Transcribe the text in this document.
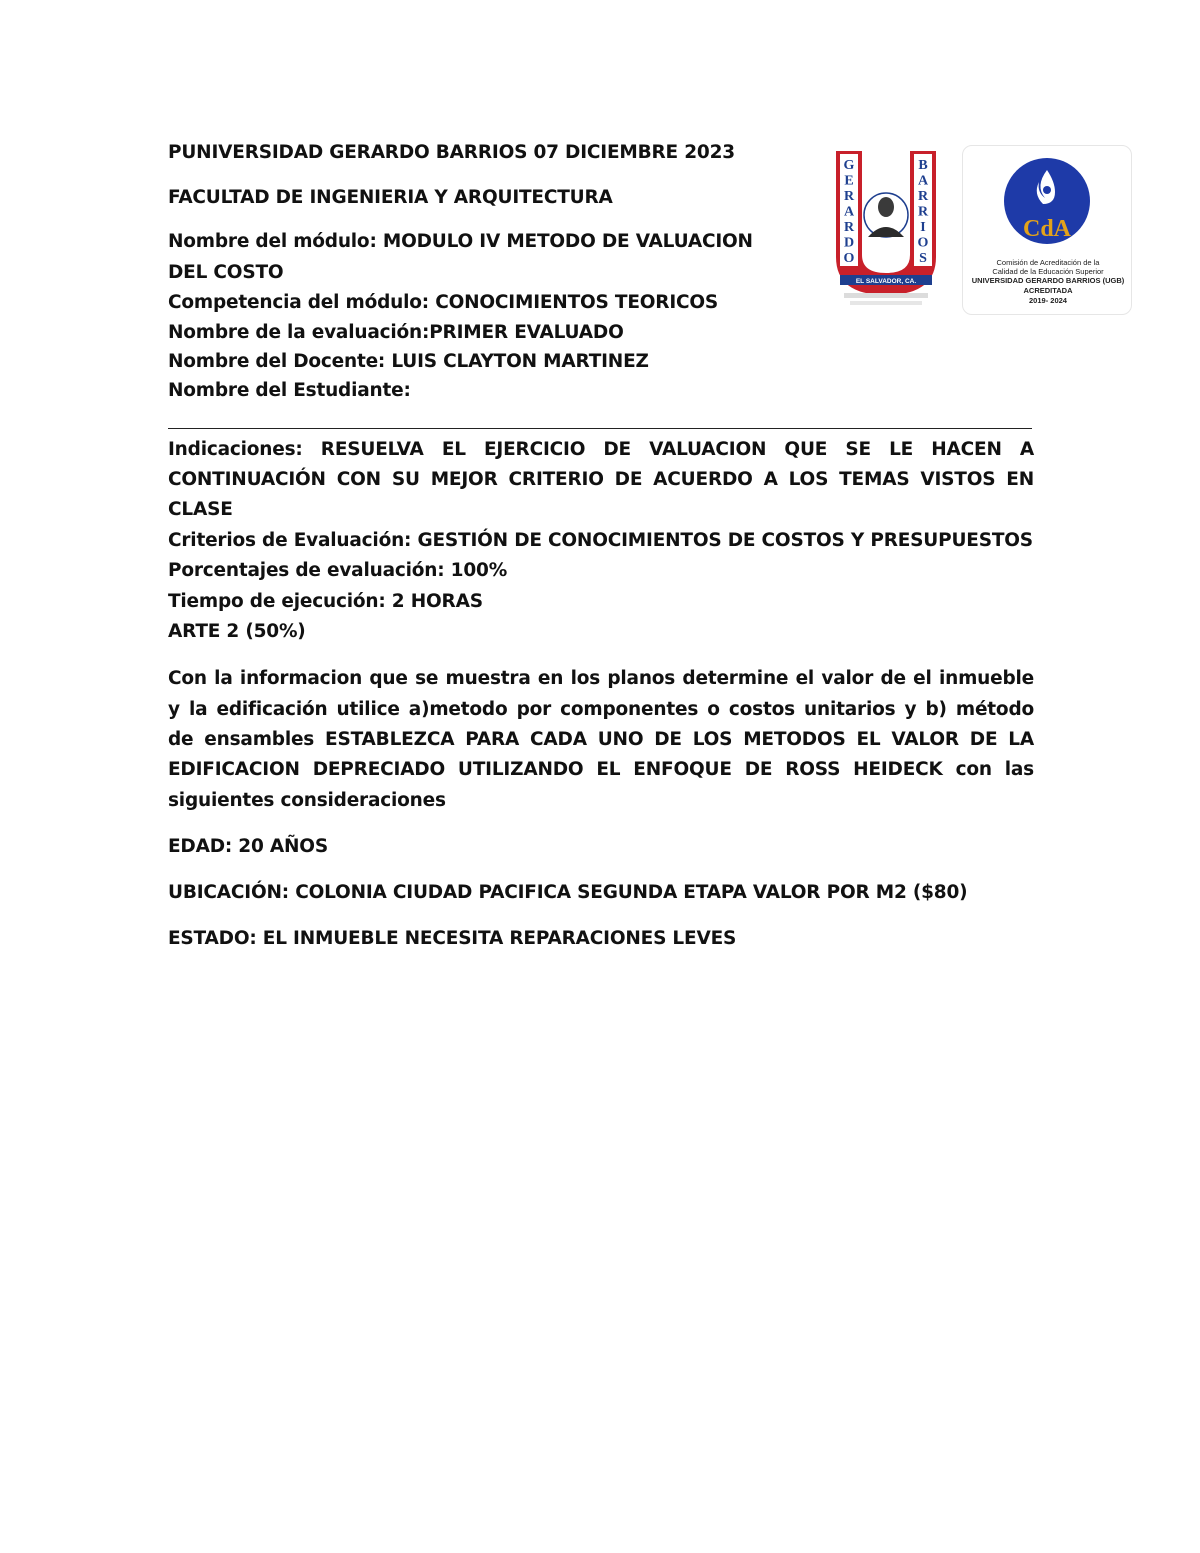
PUNIVERSIDAD GERARDO BARRIOS 07 DICIEMBRE 2023
FACULTAD DE INGENIERIA Y ARQUITECTURA
Nombre del módulo: MODULO IV METODO DE VALUACION
DEL COSTO
Competencia del módulo: CONOCIMIENTOS TEORICOS
Nombre de la evaluación:PRIMER EVALUADO
Nombre del Docente: LUIS CLAYTON MARTINEZ
Nombre del Estudiante:
Indicaciones: RESUELVA EL EJERCICIO DE VALUACION QUE SE LE HACEN A
CONTINUACIÓN CON SU MEJOR CRITERIO DE ACUERDO A LOS TEMAS VISTOS EN
CLASE
Criterios de Evaluación: GESTIÓN DE CONOCIMIENTOS DE COSTOS Y PRESUPUESTOS
Porcentajes de evaluación: 100%
Tiempo de ejecución: 2 HORAS
ARTE 2 (50%)
Con la informacion que se muestra en los planos determine el valor de el inmueble
y la edificación utilice a)metodo por componentes o costos unitarios y b) método
de ensambles ESTABLEZCA PARA CADA UNO DE LOS METODOS EL VALOR DE LA
EDIFICACION DEPRECIADO UTILIZANDO EL ENFOQUE DE ROSS HEIDECK con las
siguientes consideraciones
EDAD: 20 AÑOS
UBICACIÓN: COLONIA CIUDAD PACIFICA SEGUNDA ETAPA VALOR POR M2 ($80)
ESTADO: EL INMUEBLE NECESITA REPARACIONES LEVES
G
E
R
A
R
D
O
B
A
R
R
I
O
S
EL SALVADOR, CA.
CdA
Comisión de Acreditación de la
Calidad de la Educación Superior
UNIVERSIDAD GERARDO BARRIOS (UGB)
ACREDITADA
2019- 2024
